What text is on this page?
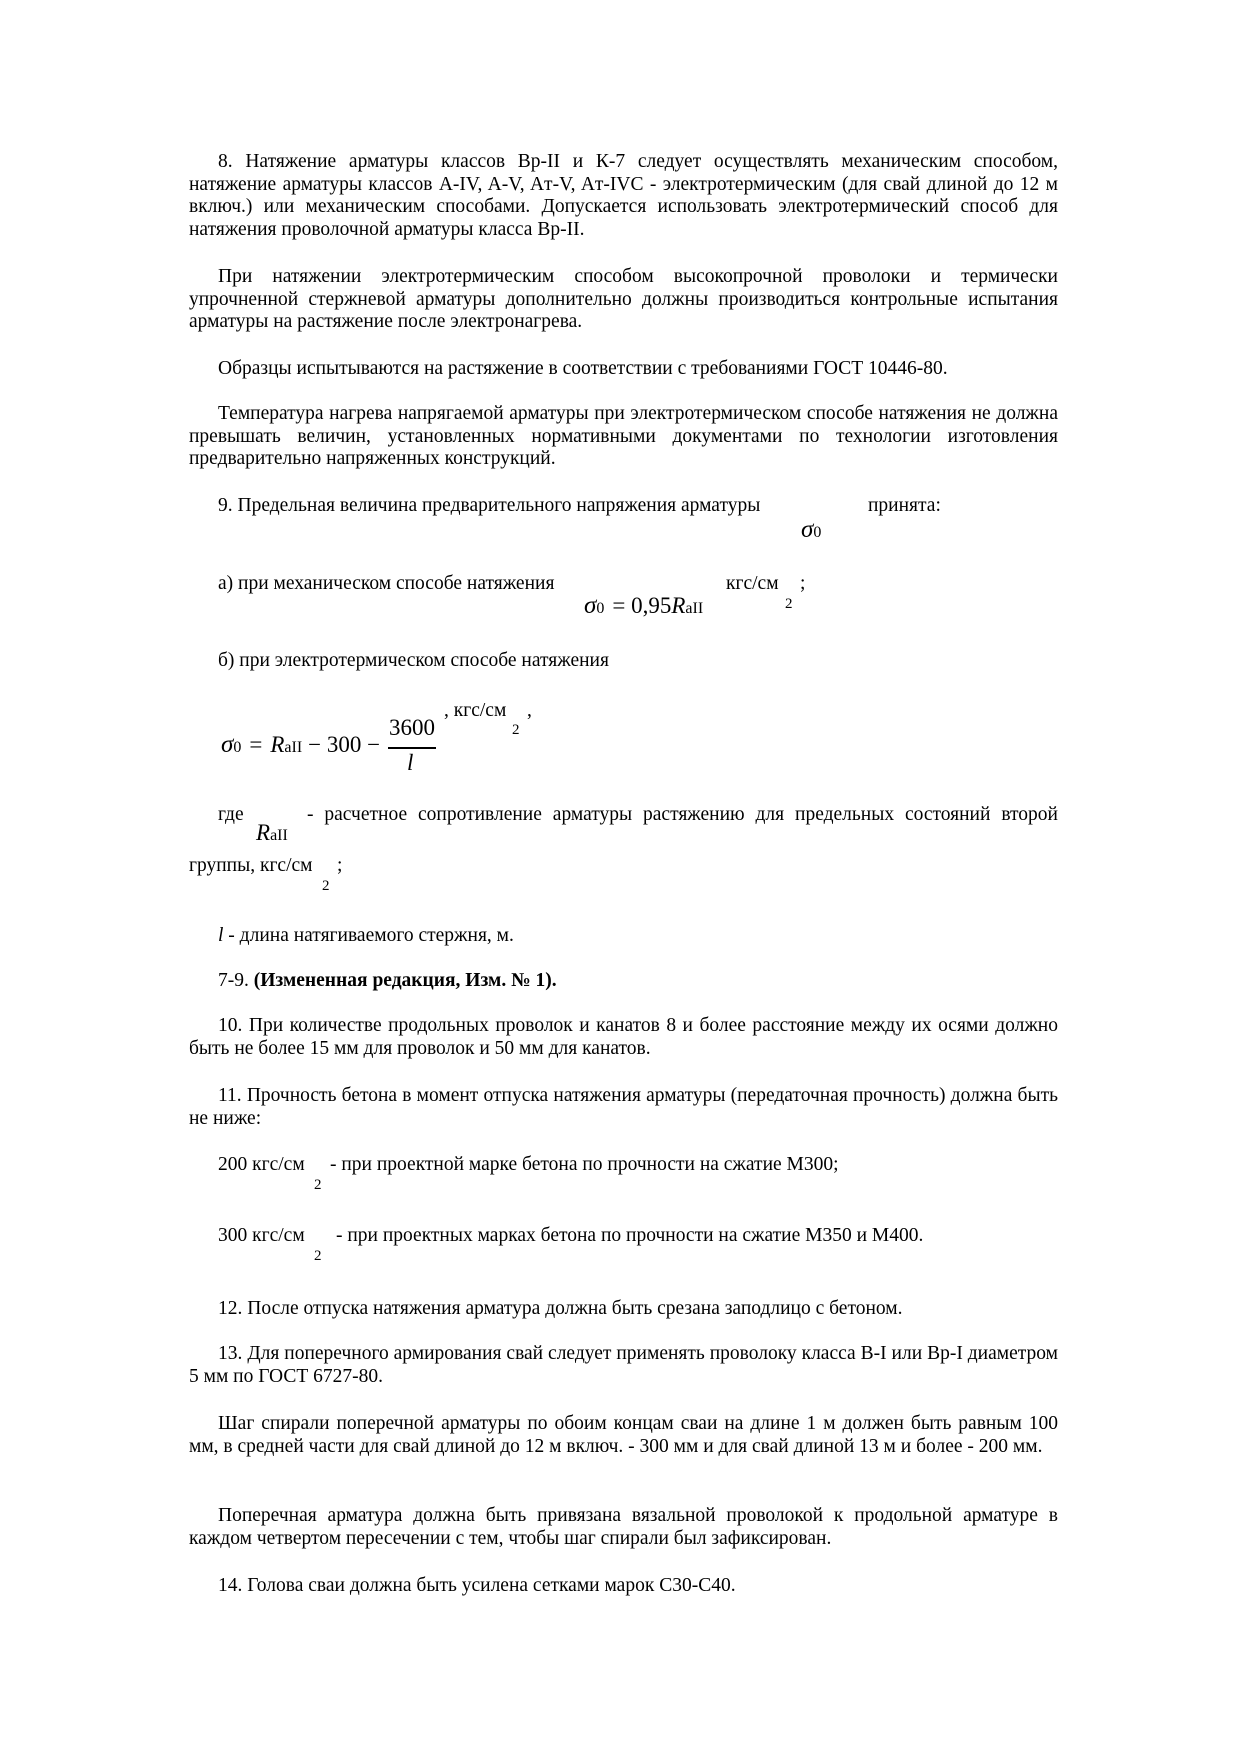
8. Натяжение арматуры классов Вр-II и К-7 следует осуществлять механическим способом, натяжение арматуры классов A-IV, A-V, Aт-V, Aт-IVC - электротермическим (для свай длиной до 12 м включ.) или механическим способами. Допускается использовать электротермический способ для натяжения проволочной арматуры класса Вр-II.
При натяжении электротермическим способом высокопрочной проволоки и термически упрочненной стержневой арматуры дополнительно должны производиться контрольные испытания арматуры на растяжение после электронагрева.
Образцы испытываются на растяжение в соответствии с требованиями ГОСТ 10446-80.
Температура нагрева напрягаемой арматуры при электротермическом способе натяжения не должна превышать величин, установленных нормативными документами по технологии изготовления предварительно напряженных конструкций.
9. Предельная величина предварительного напряжения арматуры
σ0
принята:
а) при механическом способе натяжения
σ0 = 0,95RaII
кгс/см
2
;
б) при электротермическом способе натяжения
σ0 = RaII − 300 −
3600
l
, кгс/см
2
,
где
RaII
- расчетное сопротивление арматуры растяжению для предельных состояний второй
группы, кгс/см
2
;
l - длина натягиваемого стержня, м.
7-9. (Измененная редакция, Изм. № 1).
10. При количестве продольных проволок и канатов 8 и более расстояние между их осями должно быть не более 15 мм для проволок и 50 мм для канатов.
11. Прочность бетона в момент отпуска натяжения арматуры (передаточная прочность) должна быть не ниже:
200 кгс/см
2
- при проектной марке бетона по прочности на сжатие М300;
300 кгс/см
2
- при проектных марках бетона по прочности на сжатие М350 и М400.
12. После отпуска натяжения арматура должна быть срезана заподлицо с бетоном.
13. Для поперечного армирования свай следует применять проволоку класса В-I или Вр-I диаметром 5 мм по ГОСТ 6727-80.
Шаг спирали поперечной арматуры по обоим концам сваи на длине 1 м должен быть равным 100 мм, в средней части для свай длиной до 12 м включ. - 300 мм и для свай длиной 13 м и более - 200 мм.
Поперечная арматура должна быть привязана вязальной проволокой к продольной арматуре в каждом четвертом пересечении с тем, чтобы шаг спирали был зафиксирован.
14. Голова сваи должна быть усилена сетками марок С30-С40.
